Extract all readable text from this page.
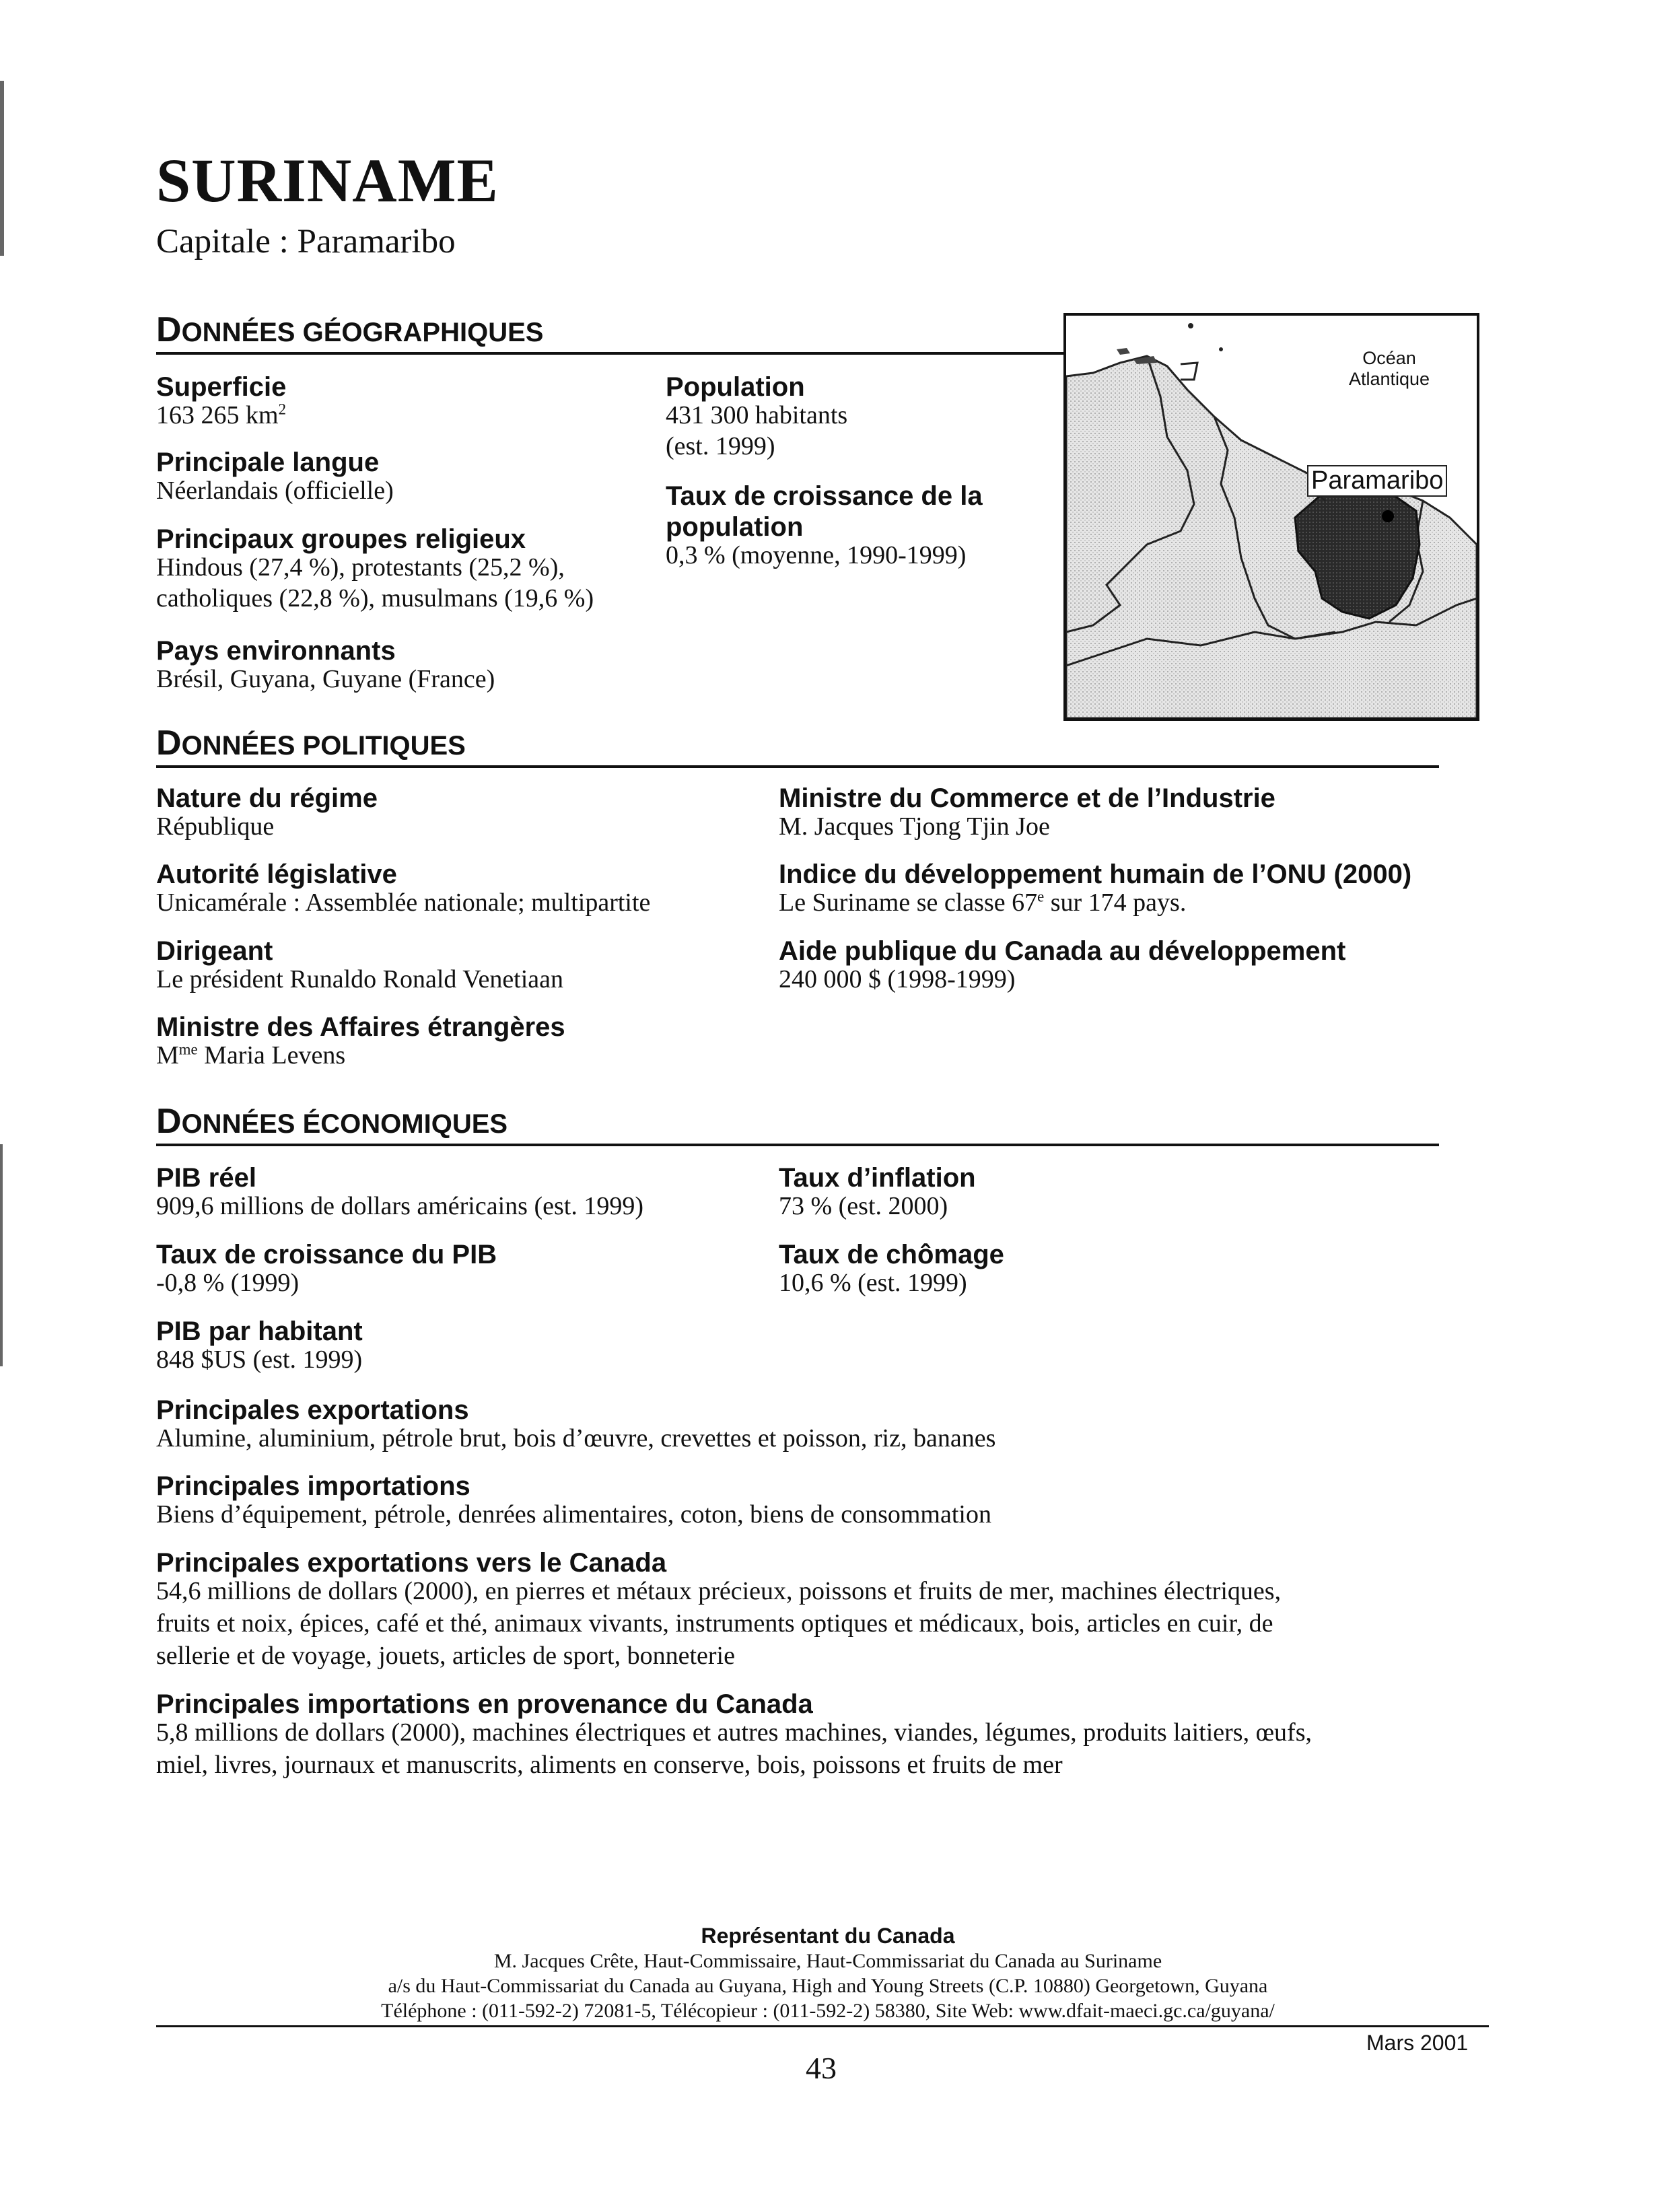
SURINAME
Capitale : Paramaribo
DONNÉES GÉOGRAPHIQUES
Superficie
163 265 $km^2$
Principale langue
Néerlandais (officielle)
Principaux groupes religieux
Hindous (27,4 %), protestants (25,2 %),
catholiques (22,8 %), musulmans (19,6 %)
Pays environnants
Brésil, Guyana, Guyane (France)
Population
431 300 habitants
(est. 1999)
Taux de croissance de la
population
0,3 % (moyenne, 1990-1999)
Océan
Atlantique
Paramaribo
DONNÉES POLITIQUES
Nature du régime
République
Autorité législative
Unicamérale : Assemblée nationale; multipartite
Dirigeant
Le président Runaldo Ronald Venetiaan
Ministre des Affaires étrangères
$M^{me}$ Maria Levens
Ministre du Commerce et de l’Industrie
M. Jacques Tjong Tjin Joe
Indice du développement humain de l’ONU (2000)
Le Suriname se classe 67e sur 174 pays.
Aide publique du Canada au développement
240 000 $ (1998-1999)
DONNÉES ÉCONOMIQUES
PIB réel
909,6 millions de dollars américains (est. 1999)
Taux de croissance du PIB
-0,8 % (1999)
PIB par habitant
848 $US (est. 1999)
Taux d’inflation
73 % (est. 2000)
Taux de chômage
10,6 % (est. 1999)
Principales exportations
Alumine, aluminium, pétrole brut, bois d’œuvre, crevettes et poisson, riz, bananes
Principales importations
Biens d’équipement, pétrole, denrées alimentaires, coton, biens de consommation
Principales exportations vers le Canada
54,6 millions de dollars (2000), en pierres et métaux précieux, poissons et fruits de mer, machines électriques,
fruits et noix, épices, café et thé, animaux vivants, instruments optiques et médicaux, bois, articles en cuir, de
sellerie et de voyage, jouets, articles de sport, bonneterie
Principales importations en provenance du Canada
5,8 millions de dollars (2000), machines électriques et autres machines, viandes, légumes, produits laitiers, œufs,
miel, livres, journaux et manuscrits, aliments en conserve, bois, poissons et fruits de mer
Représentant du Canada
M. Jacques Crête, Haut-Commissaire, Haut-Commissariat du Canada au Suriname
a/s du Haut-Commissariat du Canada au Guyana, High and Young Streets (C.P. 10880) Georgetown, Guyana
Téléphone : (011-592-2) 72081-5, Télécopieur : (011-592-2) 58380, Site Web: www.dfait-maeci.gc.ca/guyana/
Mars 2001
43
